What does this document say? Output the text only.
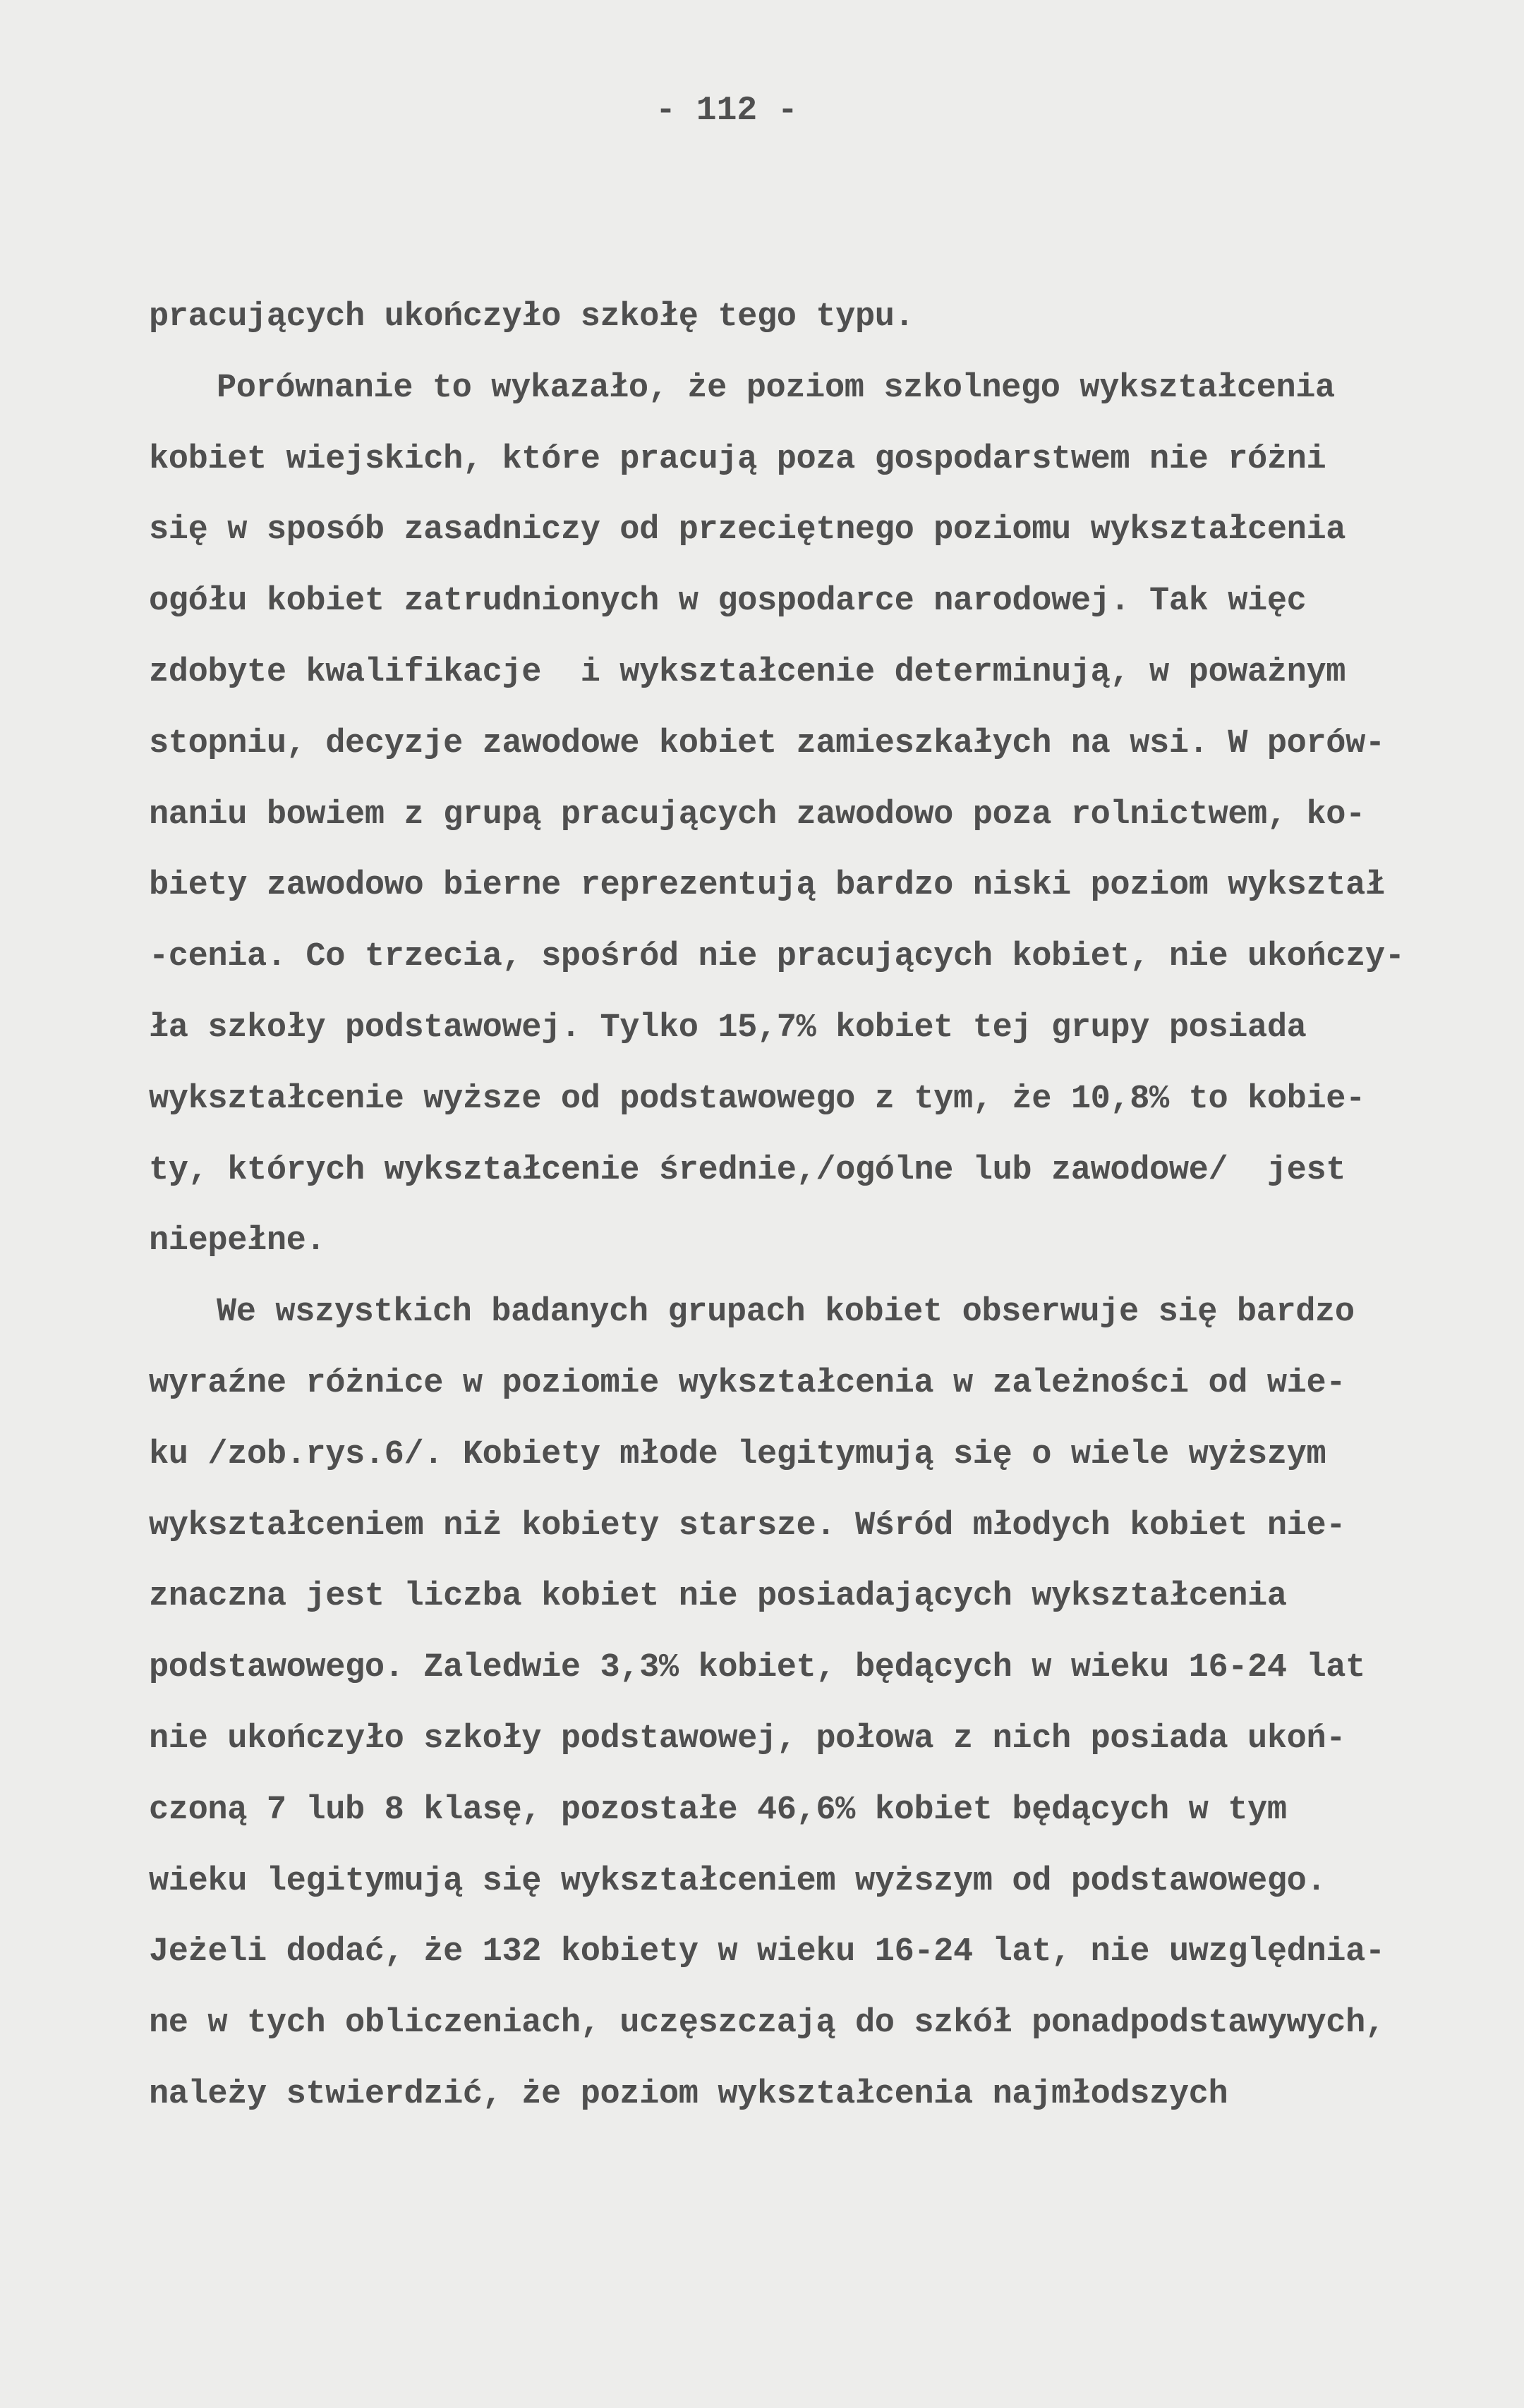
- 112 -
pracujących ukończyło szkołę tego typu.
Porównanie to wykazało, że poziom szkolnego wykształcenia
kobiet wiejskich, które pracują poza gospodarstwem nie różni
się w sposób zasadniczy od przeciętnego poziomu wykształcenia
ogółu kobiet zatrudnionych w gospodarce narodowej. Tak więc
zdobyte kwalifikacje  i wykształcenie determinują, w poważnym
stopniu, decyzje zawodowe kobiet zamieszkałych na wsi. W porów-
naniu bowiem z grupą pracujących zawodowo poza rolnictwem, ko-
biety zawodowo bierne reprezentują bardzo niski poziom wykształ
-cenia. Co trzecia, spośród nie pracujących kobiet, nie ukończy-
ła szkoły podstawowej. Tylko 15,7% kobiet tej grupy posiada
wykształcenie wyższe od podstawowego z tym, że 10,8% to kobie-
ty, których wykształcenie średnie,/ogólne lub zawodowe/  jest
niepełne.
We wszystkich badanych grupach kobiet obserwuje się bardzo
wyraźne różnice w poziomie wykształcenia w zależności od wie-
ku /zob.rys.6/. Kobiety młode legitymują się o wiele wyższym
wykształceniem niż kobiety starsze. Wśród młodych kobiet nie-
znaczna jest liczba kobiet nie posiadających wykształcenia
podstawowego. Zaledwie 3,3% kobiet, będących w wieku 16-24 lat
nie ukończyło szkoły podstawowej, połowa z nich posiada ukoń-
czoną 7 lub 8 klasę, pozostałe 46,6% kobiet będących w tym
wieku legitymują się wykształceniem wyższym od podstawowego.
Jeżeli dodać, że 132 kobiety w wieku 16-24 lat, nie uwzględnia-
ne w tych obliczeniach, uczęszczają do szkół ponadpodstawywych,
należy stwierdzić, że poziom wykształcenia najmłodszych
